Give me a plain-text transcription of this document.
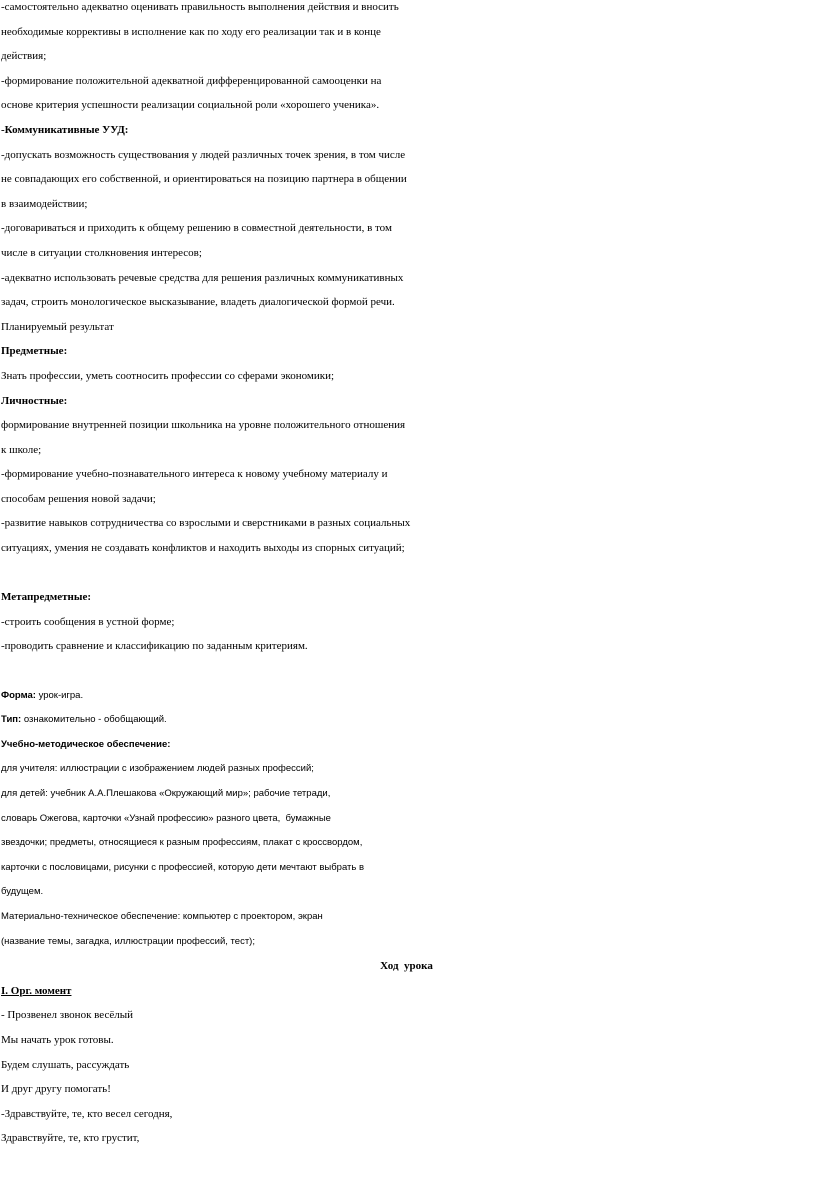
-самостоятельно адекватно оценивать правильность выполнения действия и вносить

необходимые коррективы в исполнение как по ходу его реализации так и в конце

действия;

-формирование положительной адекватной дифференцированной самооценки на

основе критерия успешности реализации социальной роли «хорошего ученика».

-Коммуникативные УУД:

-допускать возможность существования у людей различных точек зрения, в том числе

не совпадающих его собственной, и ориентироваться на позицию партнера в общении

в взаимодействии;

-договариваться и приходить к общему решению в совместной деятельности, в том

числе в ситуации столкновения интересов;

-адекватно использовать речевые средства для решения различных коммуникативных

задач, строить монологическое высказывание, владеть диалогической формой речи.

Планируемый результат

Предметные:

Знать профессии, уметь соотносить профессии со сферами экономики;

Личностные:

формирование внутренней позиции школьника на уровне положительного отношения

к школе;

-формирование учебно-познавательного интереса к новому учебному материалу и

способам решения новой задачи;

-развитие навыков сотрудничества со взрослыми и сверстниками в разных социальных

ситуациях, умения не создавать конфликтов и находить выходы из спорных ситуаций;

Метапредметные:

-строить сообщения в устной форме;

-проводить сравнение и классификацию по заданным критериям.

Форма: урок-игра.

Тип: ознакомительно - обобщающий.

Учебно-методическое обеспечение:

для учителя: иллюстрации с изображением людей разных профессий;

для детей: учебник А.А.Плешакова «Окружающий мир»; рабочие тетради,

словарь Ожегова, карточки «Узнай профессию» разного цвета,  бумажные

звездочки; предметы, относящиеся к разным профессиям, плакат с кроссвордом,

карточки с пословицами, рисунки с профессией, которую дети мечтают выбрать в

будущем.

Материально-техническое обеспечение: компьютер с проектором, экран

(название темы, загадка, иллюстрации профессий, тест);

Ход  урока

I. Орг. момент

- Прозвенел звонок весёлый

Мы начать урок готовы.

Будем слушать, рассуждать

И друг другу помогать!

-Здравствуйте, те, кто весел сегодня,

Здравствуйте, те, кто грустит,
